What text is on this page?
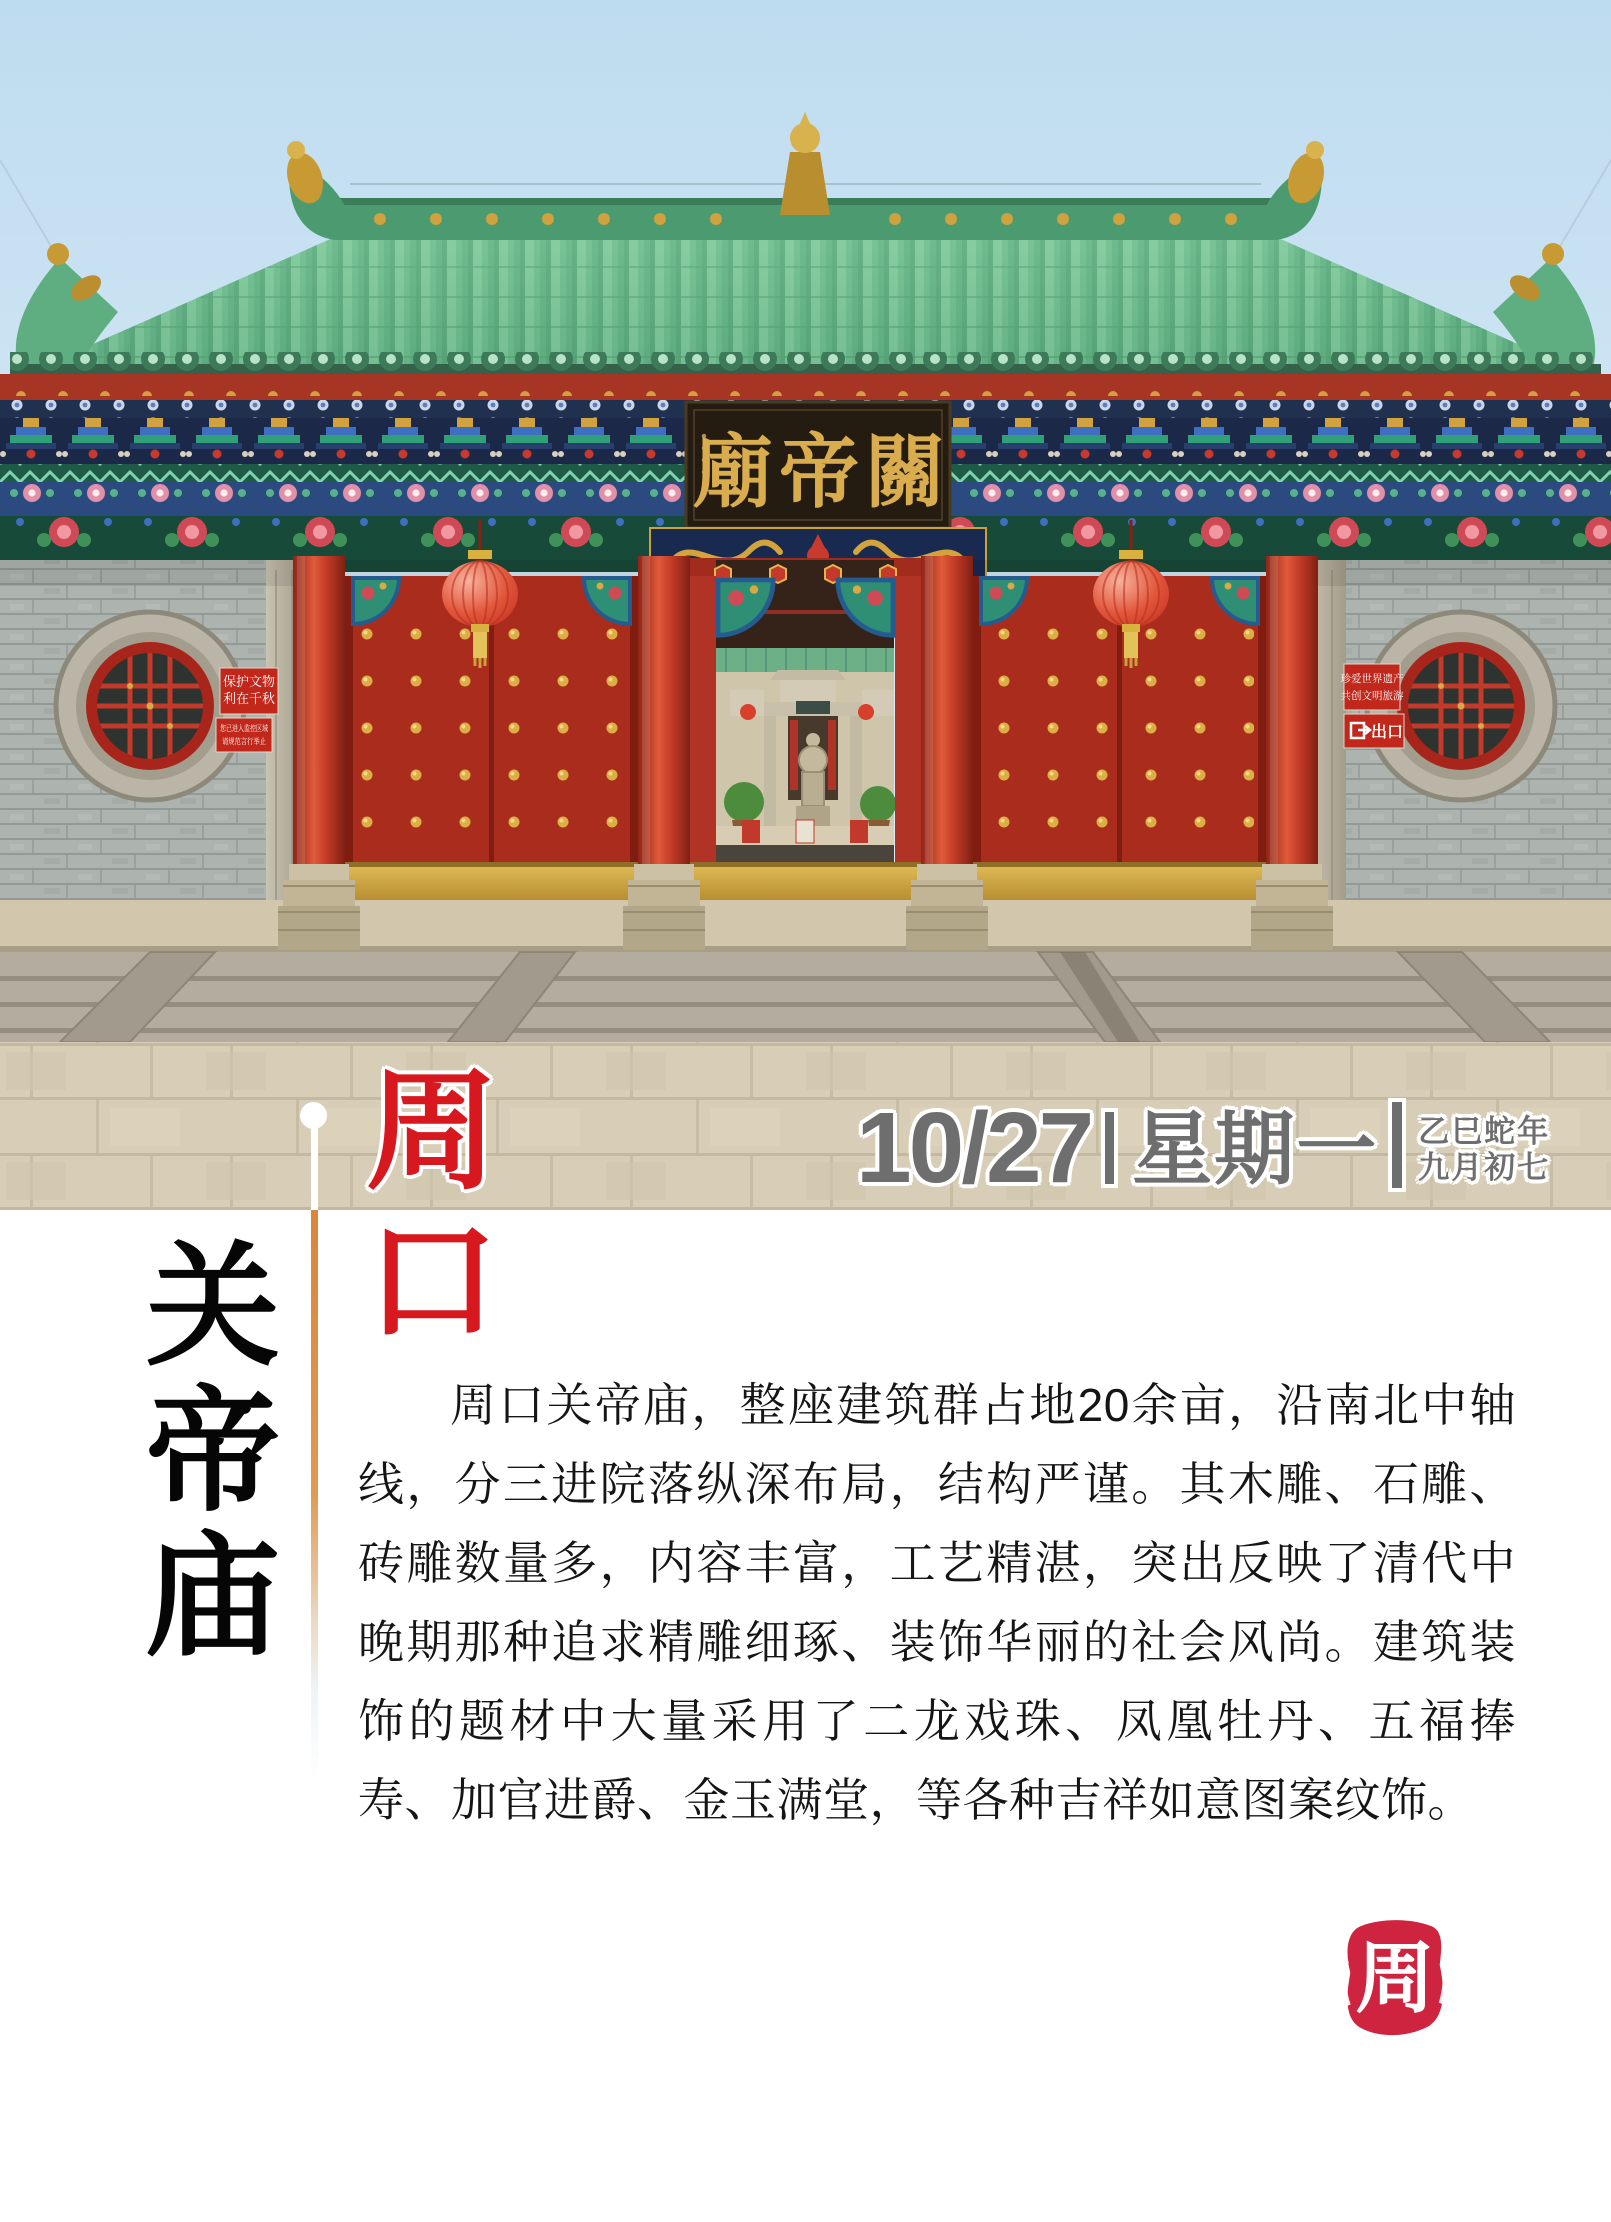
廟 帝 關
保护文物
利在千秋
您已进入监控区域
请规范言行举止
珍爱世界遗产
共创文明旅游
出口
10/27 星期一 乙巳蛇年
九月初七
周
口
关
帝
庙

周口关帝庙，整座建筑群占地20余亩，沿南北中轴线，分三进院落纵深布局，结构严谨。其木雕、石雕、砖雕数量多，内容丰富，工艺精湛，突出反映了清代中晚期那种追求精雕细琢、装饰华丽的社会风尚。建筑装饰的题材中大量采用了二龙戏珠、凤凰牡丹、五福捧寿、加官进爵、金玉满堂，等各种吉祥如意图案纹饰。

周
